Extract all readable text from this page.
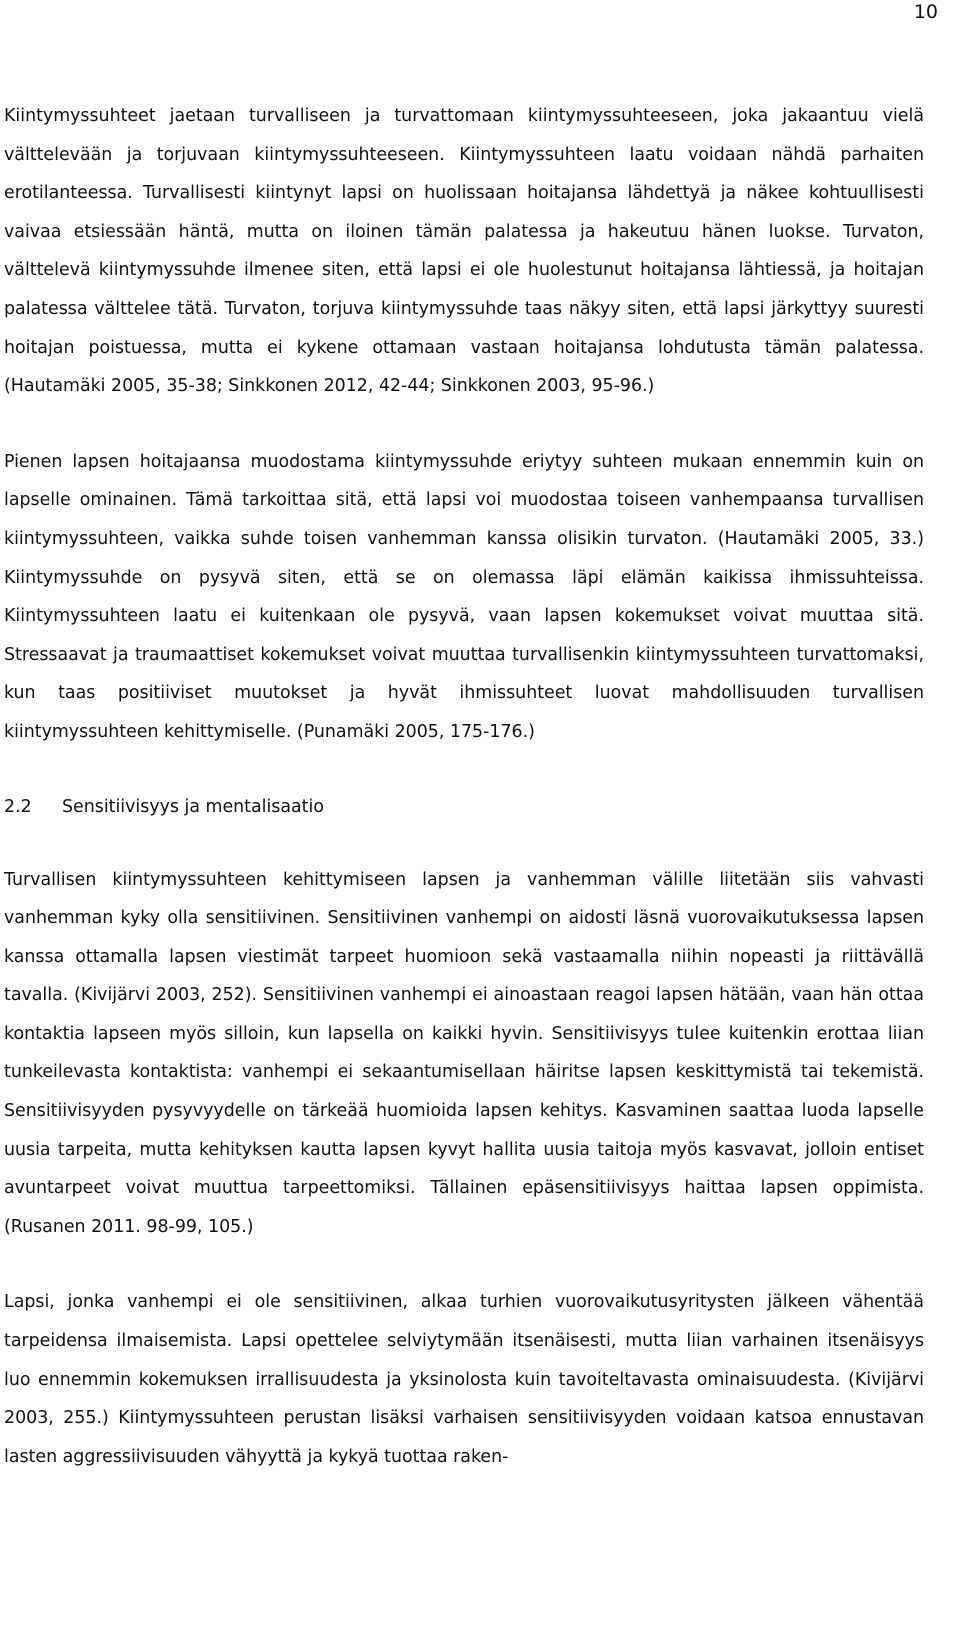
10

Kiintymyssuhteet jaetaan turvalliseen ja turvattomaan kiintymyssuhteeseen, joka jakaantuu vielä välttelevään ja torjuvaan kiintymyssuhteeseen. Kiintymyssuhteen laatu voidaan nähdä parhaiten erotilanteessa. Turvallisesti kiintynyt lapsi on huolissaan hoitajansa lähdettyä ja näkee kohtuullisesti vaivaa etsiessään häntä, mutta on iloinen tämän palatessa ja hakeutuu hänen luokse. Turvaton, välttelevä kiintymyssuhde ilmenee siten, että lapsi ei ole huolestunut hoitajansa lähtiessä, ja hoitajan palatessa välttelee tätä. Turvaton, torjuva kiintymyssuhde taas näkyy siten, että lapsi järkyttyy suuresti hoitajan poistuessa, mutta ei kykene ottamaan vastaan hoitajansa lohdutusta tämän palatessa. (Hautamäki 2005, 35-38; Sinkkonen 2012, 42-44; Sinkkonen 2003, 95-96.)

Pienen lapsen hoitajaansa muodostama kiintymyssuhde eriytyy suhteen mukaan ennemmin kuin on lapselle ominainen. Tämä tarkoittaa sitä, että lapsi voi muodostaa toiseen vanhempaansa turvallisen kiintymyssuhteen, vaikka suhde toisen vanhemman kanssa olisikin turvaton. (Hautamäki 2005, 33.) Kiintymyssuhde on pysyvä siten, että se on olemassa läpi elämän kaikissa ihmissuhteissa. Kiintymyssuhteen laatu ei kuitenkaan ole pysyvä, vaan lapsen kokemukset voivat muuttaa sitä. Stressaavat ja traumaattiset kokemukset voivat muuttaa turvallisenkin kiintymyssuhteen turvattomaksi, kun taas positiiviset muutokset ja hyvät ihmissuhteet luovat mahdollisuuden turvallisen kiintymyssuhteen kehittymiselle. (Punamäki 2005, 175-176.)

2.2	Sensitiivisyys ja mentalisaatio

Turvallisen kiintymyssuhteen kehittymiseen lapsen ja vanhemman välille liitetään siis vahvasti vanhemman kyky olla sensitiivinen. Sensitiivinen vanhempi on aidosti läsnä vuorovaikutuksessa lapsen kanssa ottamalla lapsen viestimät tarpeet huomioon sekä vastaamalla niihin nopeasti ja riittävällä tavalla. (Kivijärvi 2003, 252). Sensitiivinen vanhempi ei ainoastaan reagoi lapsen hätään, vaan hän ottaa kontaktia lapseen myös silloin, kun lapsella on kaikki hyvin. Sensitiivisyys tulee kuitenkin erottaa liian tunkeilevasta kontaktista: vanhempi ei sekaantumisellaan häiritse lapsen keskittymistä tai tekemistä. Sensitiivisyyden pysyvyydelle on tärkeää huomioida lapsen kehitys. Kasvaminen saattaa luoda lapselle uusia tarpeita, mutta kehityksen kautta lapsen kyvyt hallita uusia taitoja myös kasvavat, jolloin entiset avuntarpeet voivat muuttua tarpeettomiksi. Tällainen epäsensitiivisyys haittaa lapsen oppimista. (Rusanen 2011. 98-99, 105.)

Lapsi, jonka vanhempi ei ole sensitiivinen, alkaa turhien vuorovaikutusyritysten jälkeen vähentää tarpeidensa ilmaisemista. Lapsi opettelee selviytymään itsenäisesti, mutta liian varhainen itsenäisyys luo ennemmin kokemuksen irrallisuudesta ja yksinolosta kuin tavoiteltavasta ominaisuudesta. (Kivijärvi 2003, 255.) Kiintymyssuhteen perustan lisäksi varhaisen sensitiivisyyden voidaan katsoa ennustavan lasten aggressiivisuuden vähyyttä ja kykyä tuottaa raken-
